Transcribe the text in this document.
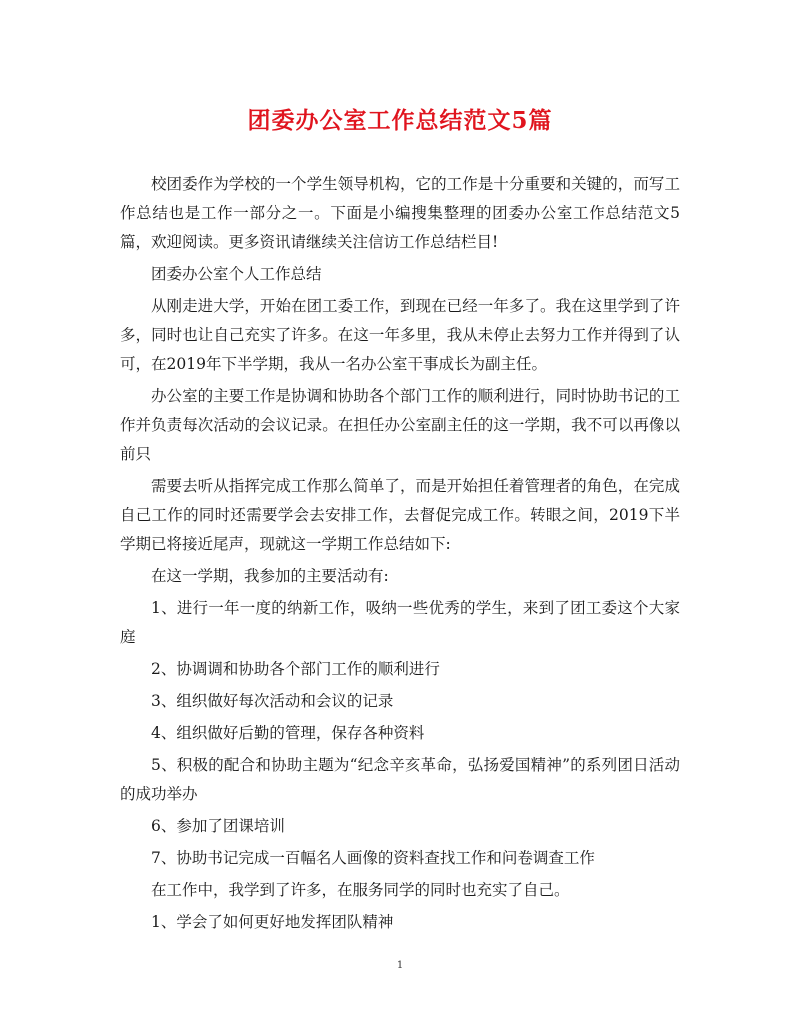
团委办公室工作总结范文5篇

校团委作为学校的一个学生领导机构，它的工作是十分重要和关键的，而写工作总结也是工作一部分之一。下面是小编搜集整理的团委办公室工作总结范文5篇，欢迎阅读。更多资讯请继续关注信访工作总结栏目!

团委办公室个人工作总结

从刚走进大学，开始在团工委工作，到现在已经一年多了。我在这里学到了许多，同时也让自己充实了许多。在这一年多里，我从未停止去努力工作并得到了认可，在2019年下半学期，我从一名办公室干事成长为副主任。

办公室的主要工作是协调和协助各个部门工作的顺利进行，同时协助书记的工作并负责每次活动的会议记录。在担任办公室副主任的这一学期，我不可以再像以前只

需要去听从指挥完成工作那么简单了，而是开始担任着管理者的角色，在完成自己工作的同时还需要学会去安排工作，去督促完成工作。转眼之间，2019下半学期已将接近尾声，现就这一学期工作总结如下:

在这一学期，我参加的主要活动有:

1、进行一年一度的纳新工作，吸纳一些优秀的学生，来到了团工委这个大家庭

2、协调调和协助各个部门工作的顺利进行

3、组织做好每次活动和会议的记录

4、组织做好后勤的管理，保存各种资料

5、积极的配合和协助主题为“纪念辛亥革命，弘扬爱国精神”的系列团日活动的成功举办

6、参加了团课培训

7、协助书记完成一百幅名人画像的资料查找工作和问卷调查工作

在工作中，我学到了许多，在服务同学的同时也充实了自己。

1、学会了如何更好地发挥团队精神

1
